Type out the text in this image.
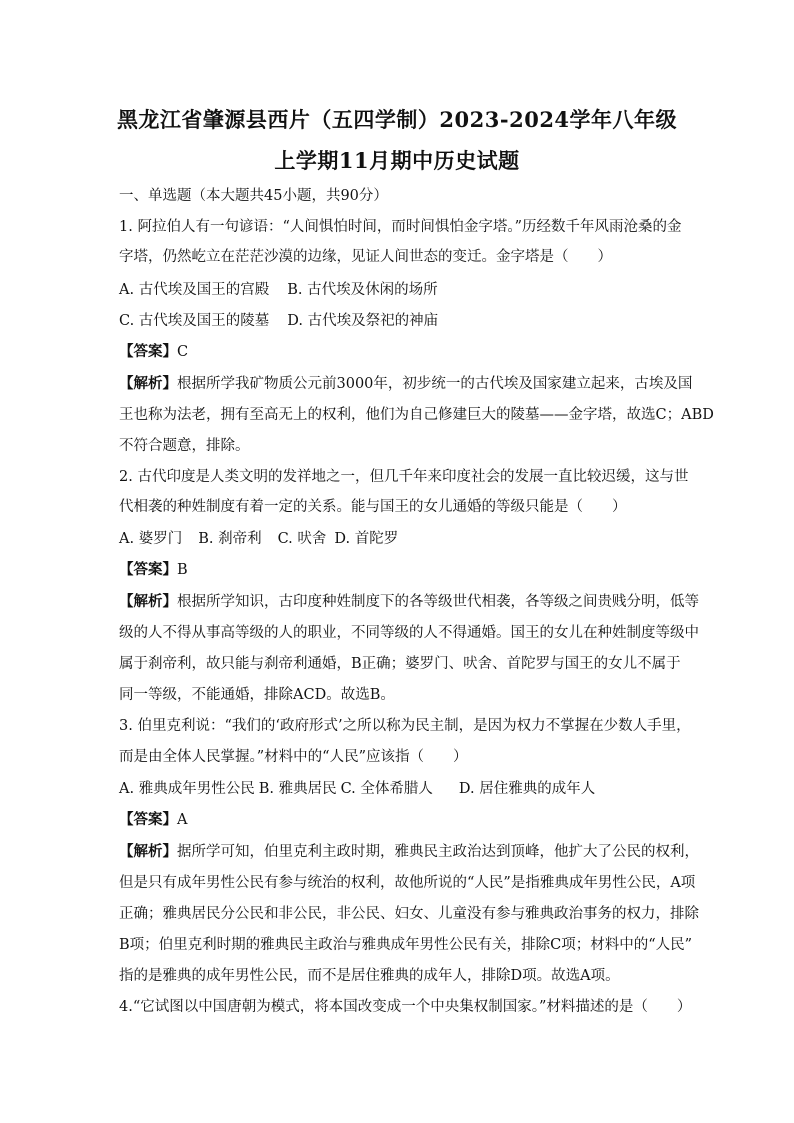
黑龙江省肇源县西片（五四学制）2023-2024学年八年级
上学期11月期中历史试题
一、单选题（本大题共45小题，共90分）
1. 阿拉伯人有一句谚语：“人间惧怕时间，而时间惧怕金字塔。”历经数千年风雨沧桑的金
字塔，仍然屹立在茫茫沙漠的边缘，见证人间世态的变迁。金字塔是（　　）
A. 古代埃及国王的宫殿 B. 古代埃及休闲的场所
C. 古代埃及国王的陵墓 D. 古代埃及祭祀的神庙
【答案】C
【解析】根据所学我矿物质公元前3000年，初步统一的古代埃及国家建立起来，古埃及国
王也称为法老，拥有至高无上的权利，他们为自己修建巨大的陵墓——金字塔，故选C；ABD
不符合题意，排除。
2. 古代印度是人类文明的发祥地之一，但几千年来印度社会的发展一直比较迟缓，这与世
代相袭的种姓制度有着一定的关系。能与国王的女儿通婚的等级只能是（　　）
A. 婆罗门 B. 刹帝利 C. 吠舍 D. 首陀罗
【答案】B
【解析】根据所学知识，古印度种姓制度下的各等级世代相袭，各等级之间贵贱分明，低等
级的人不得从事高等级的人的职业，不同等级的人不得通婚。国王的女儿在种姓制度等级中
属于刹帝利，故只能与刹帝利通婚，B正确；婆罗门、吠舍、首陀罗与国王的女儿不属于
同一等级，不能通婚，排除ACD。故选B。
3. 伯里克利说：“我们的‘政府形式’之所以称为民主制，是因为权力不掌握在少数人手里，
而是由全体人民掌握。”材料中的“人民”应该指（　　）
A. 雅典成年男性公民 B. 雅典居民 C. 全体希腊人 D. 居住雅典的成年人
【答案】A
【解析】据所学可知，伯里克利主政时期，雅典民主政治达到顶峰，他扩大了公民的权利，
但是只有成年男性公民有参与统治的权利，故他所说的“人民”是指雅典成年男性公民，A项
正确；雅典居民分公民和非公民，非公民、妇女、儿童没有参与雅典政治事务的权力，排除
B项；伯里克利时期的雅典民主政治与雅典成年男性公民有关，排除C项；材料中的“人民”
指的是雅典的成年男性公民，而不是居住雅典的成年人，排除D项。故选A项。
4.“它试图以中国唐朝为模式，将本国改变成一个中央集权制国家。”材料描述的是（　　）
